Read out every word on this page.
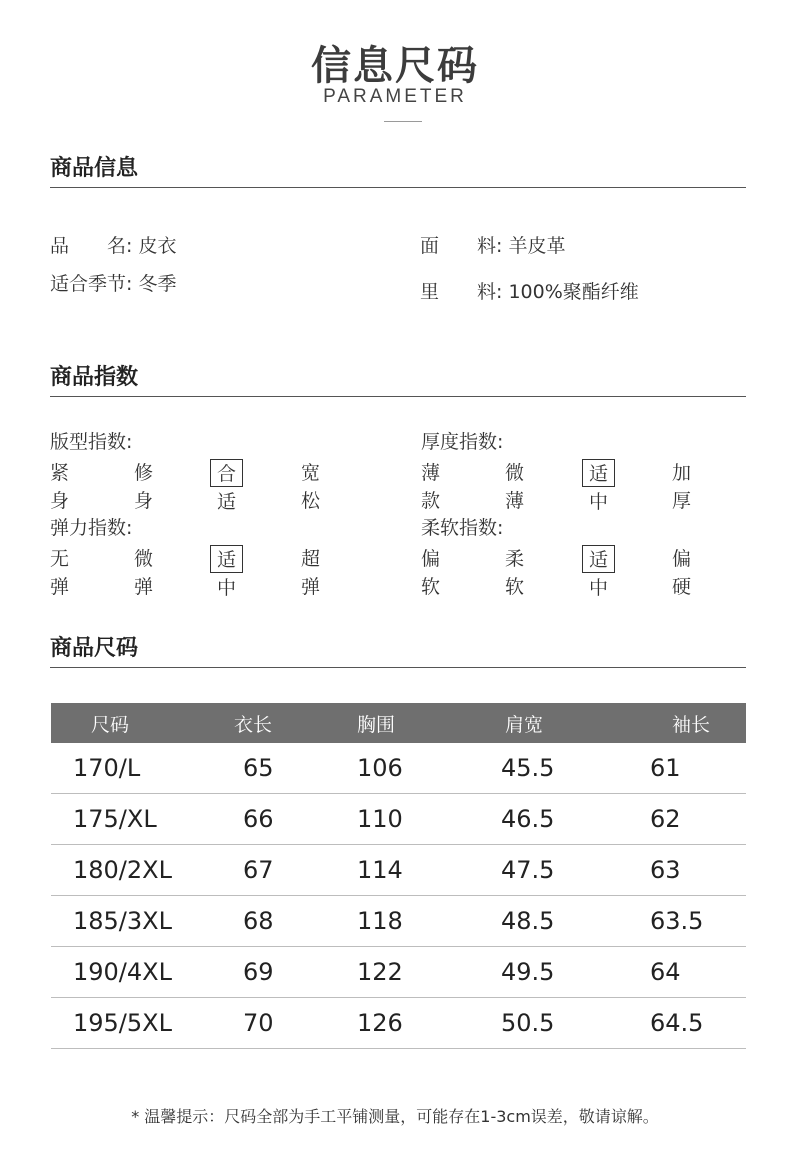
信息尺码
PARAMETER
商品信息
品　　名: 皮衣
适合季节: 冬季
面　　料: 羊皮革
里　　料: 100%聚酯纤维
商品指数
版型指数:
紧身
修身
合适
宽松
厚度指数:
薄款
微薄
适中
加厚
弹力指数:
无弹
微弹
适中
超弹
柔软指数:
偏软
柔软
适中
偏硬
商品尺码
尺码	衣长	胸围	肩宽	袖长
170/L	65	106	45.5	61
175/XL	66	110	46.5	62
180/2XL	67	114	47.5	63
185/3XL	68	118	48.5	63.5
190/4XL	69	122	49.5	64
195/5XL	70	126	50.5	64.5
* 温馨提示：尺码全部为手工平铺测量，可能存在1-3cm误差，敬请谅解。
